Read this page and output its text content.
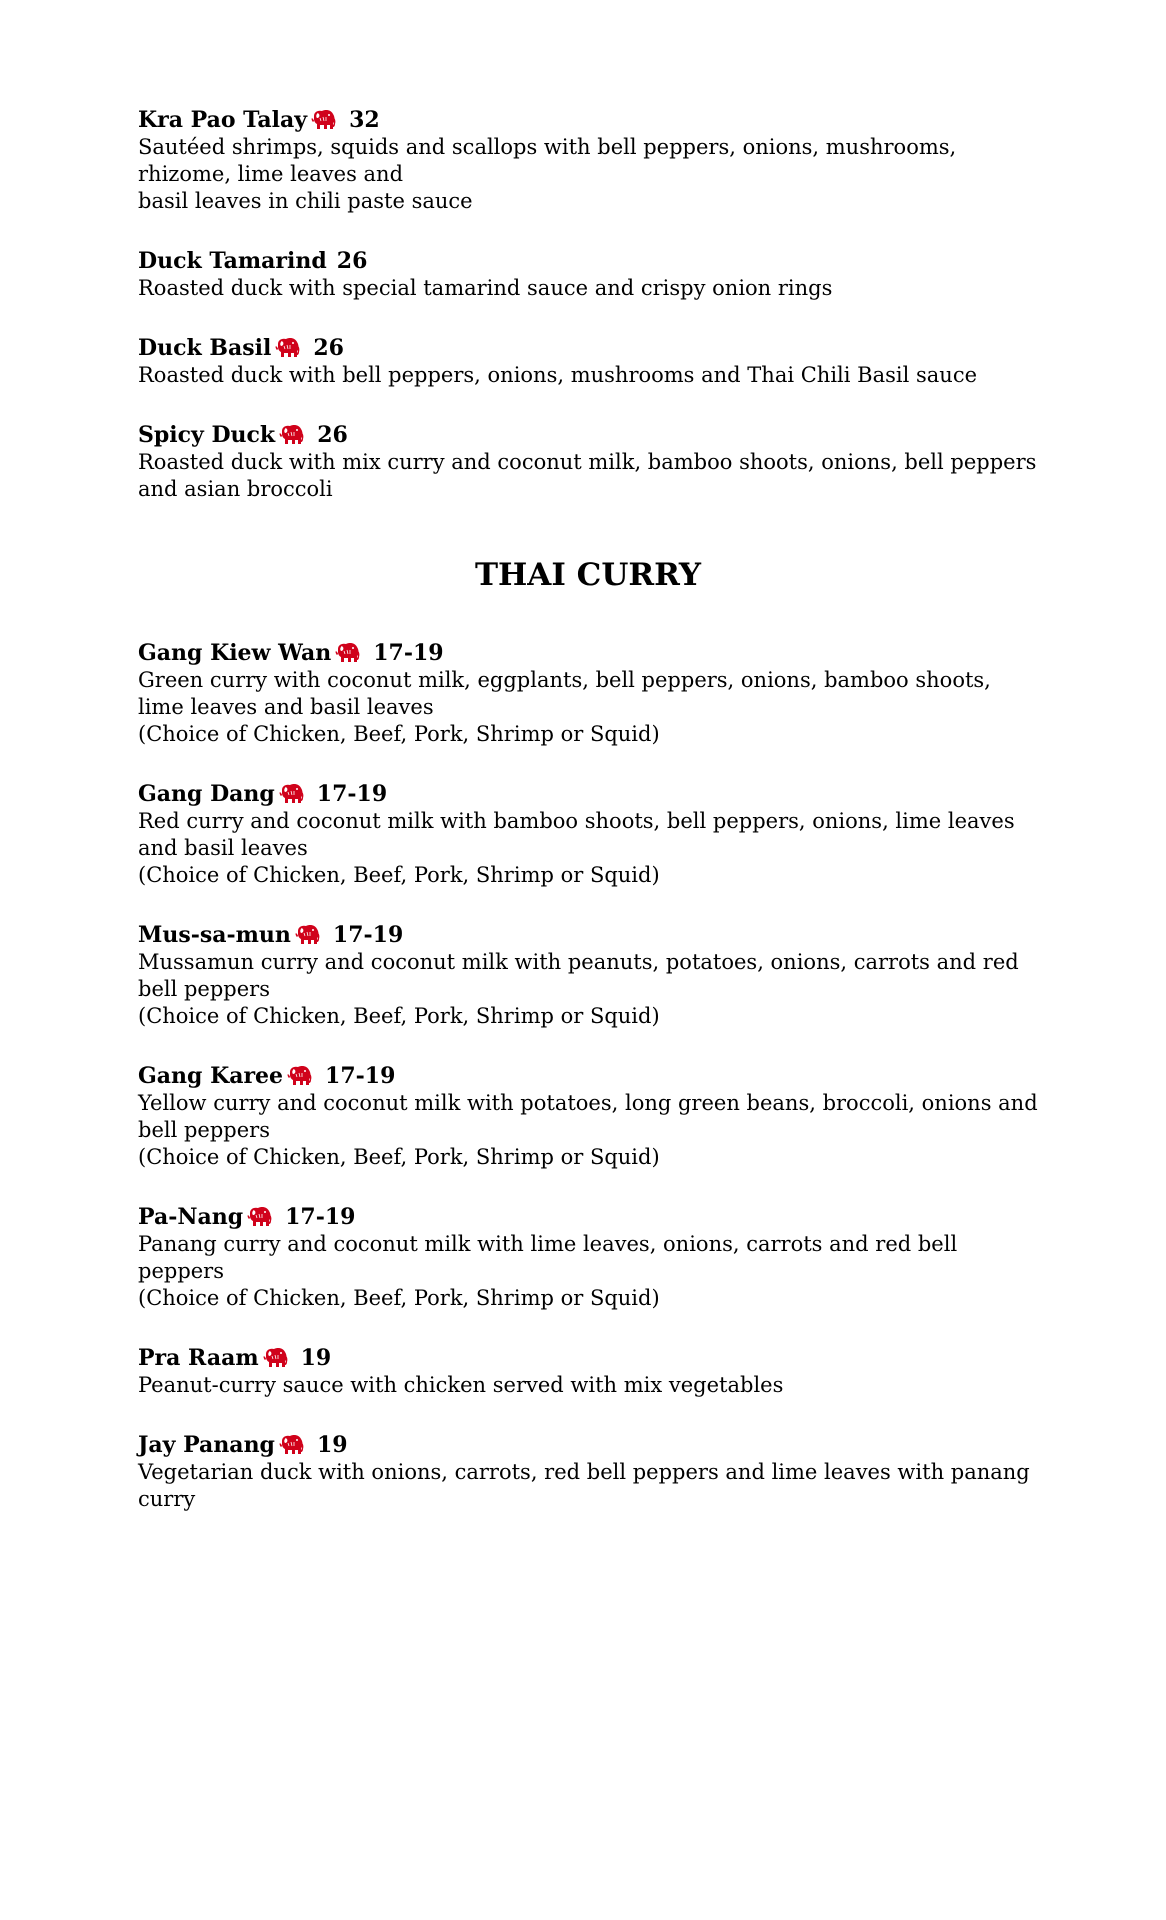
Kra Pao Talay 32
Sautéed shrimps, squids and scallops with bell peppers, onions, mushrooms, rhizome, lime leaves and
basil leaves in chili paste sauce
Duck Tamarind 26
Roasted duck with special tamarind sauce and crispy onion rings
Duck Basil 26
Roasted duck with bell peppers, onions, mushrooms and Thai Chili Basil sauce
Spicy Duck 26
Roasted duck with mix curry and coconut milk, bamboo shoots, onions, bell peppers and asian broccoli
THAI CURRY
Gang Kiew Wan 17-19
Green curry with coconut milk, eggplants, bell peppers, onions, bamboo shoots, lime leaves and basil leaves
(Choice of Chicken, Beef, Pork, Shrimp or Squid)
Gang Dang 17-19
Red curry and coconut milk with bamboo shoots, bell peppers, onions, lime leaves and basil leaves
(Choice of Chicken, Beef, Pork, Shrimp or Squid)
Mus-sa-mun 17-19
Mussamun curry and coconut milk with peanuts, potatoes, onions, carrots and red bell peppers
(Choice of Chicken, Beef, Pork, Shrimp or Squid)
Gang Karee 17-19
Yellow curry and coconut milk with potatoes, long green beans, broccoli, onions and bell peppers
(Choice of Chicken, Beef, Pork, Shrimp or Squid)
Pa-Nang 17-19
Panang curry and coconut milk with lime leaves, onions, carrots and red bell peppers
(Choice of Chicken, Beef, Pork, Shrimp or Squid)
Pra Raam 19
Peanut-curry sauce with chicken served with mix vegetables
Jay Panang 19
Vegetarian duck with onions, carrots, red bell peppers and lime leaves with panang curry
